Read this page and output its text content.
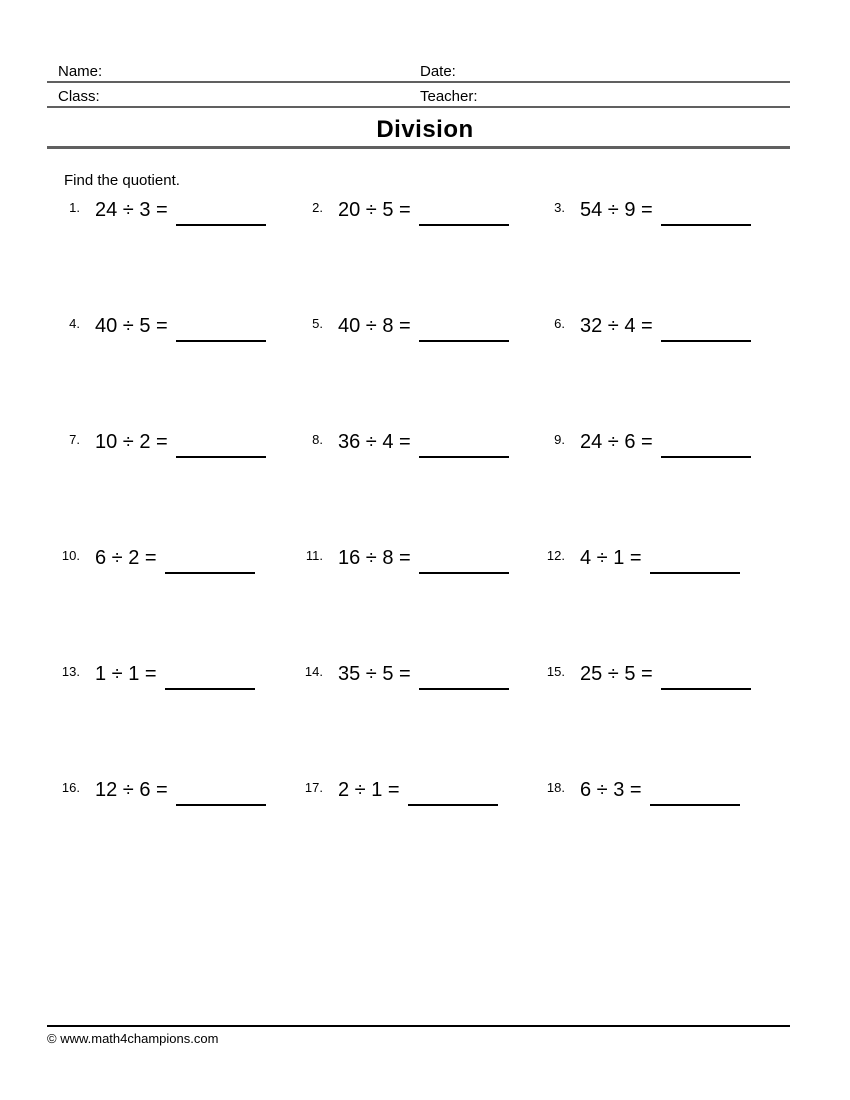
Name:	Date:
Class:	Teacher:
Division
Find the quotient.
1. 24 ÷ 3 =	2. 20 ÷ 5 =	3. 54 ÷ 9 =
4. 40 ÷ 5 =	5. 40 ÷ 8 =	6. 32 ÷ 4 =
7. 10 ÷ 2 =	8. 36 ÷ 4 =	9. 24 ÷ 6 =
10. 6 ÷ 2 =	11. 16 ÷ 8 =	12. 4 ÷ 1 =
13. 1 ÷ 1 =	14. 35 ÷ 5 =	15. 25 ÷ 5 =
16. 12 ÷ 6 =	17. 2 ÷ 1 =	18. 6 ÷ 3 =
© www.math4champions.com
